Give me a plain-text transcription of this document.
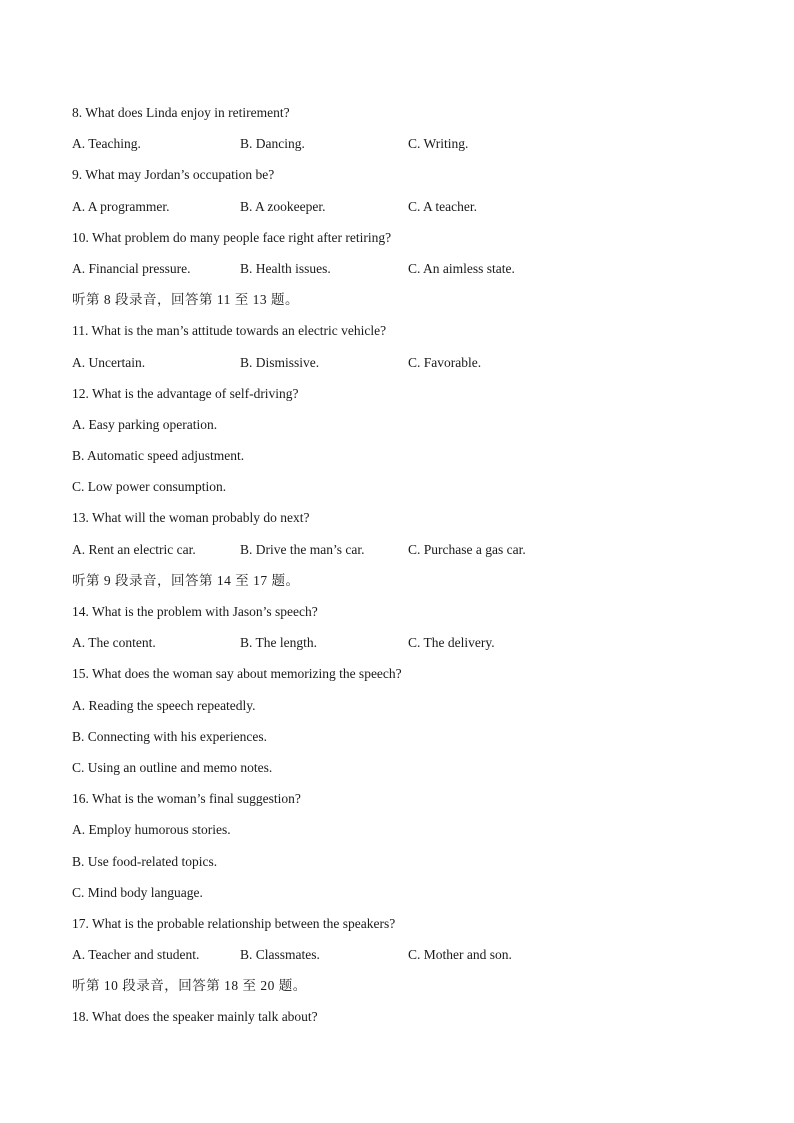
8. What does Linda enjoy in retirement?
A. Teaching.	B. Dancing.	C. Writing.
9. What may Jordan’s occupation be?
A. A programmer.	B. A zookeeper.	C. A teacher.
10. What problem do many people face right after retiring?
A. Financial pressure.	B. Health issues.	C. An aimless state.
听第 8 段录音，回答第 11 至 13 题。
11. What is the man’s attitude towards an electric vehicle?
A. Uncertain.	B. Dismissive.	C. Favorable.
12. What is the advantage of self-driving?
A. Easy parking operation.
B. Automatic speed adjustment.
C. Low power consumption.
13. What will the woman probably do next?
A. Rent an electric car.	B. Drive the man’s car.	C. Purchase a gas car.
听第 9 段录音，回答第 14 至 17 题。
14. What is the problem with Jason’s speech?
A. The content.	B. The length.	C. The delivery.
15. What does the woman say about memorizing the speech?
A. Reading the speech repeatedly.
B. Connecting with his experiences.
C. Using an outline and memo notes.
16. What is the woman’s final suggestion?
A. Employ humorous stories.
B. Use food-related topics.
C. Mind body language.
17. What is the probable relationship between the speakers?
A. Teacher and student.	B. Classmates.	C. Mother and son.
听第 10 段录音，回答第 18 至 20 题。
18. What does the speaker mainly talk about?
